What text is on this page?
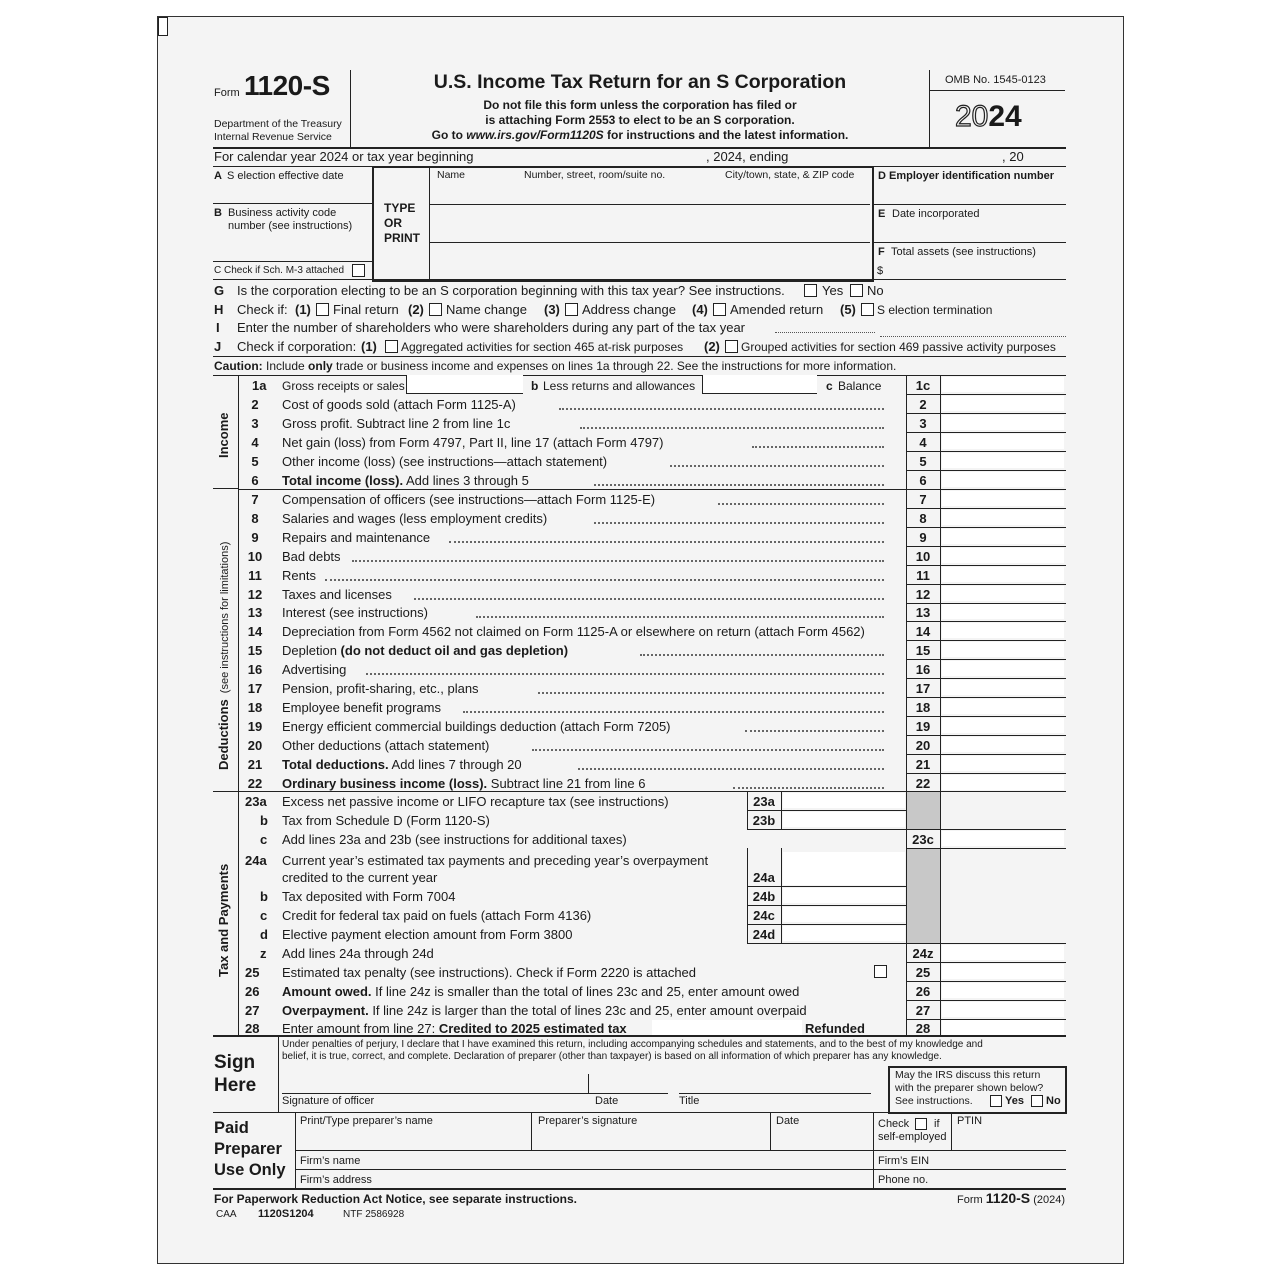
Form 1120-S
Department of the Treasury
Internal Revenue Service
U.S. Income Tax Return for an S Corporation
Do not file this form unless the corporation has filed or
is attaching Form 2553 to elect to be an S corporation.
Go to www.irs.gov/Form1120S for instructions and the latest information.
OMB No. 1545-0123
2024
For calendar year 2024 or tax year beginning	, 2024, ending	, 20
A S election effective date
B Business activity code
number (see instructions)
C Check if Sch. M-3 attached
TYPE
OR
PRINT
Name	Number, street, room/suite no.	City/town, state, & ZIP code D Employer identification number
E Date incorporated
F Total assets (see instructions)
$
G Is the corporation electing to be an S corporation beginning with this tax year? See instructions.	Yes No
H Check if: (1) Final return (2) Name change (3) Address change (4) Amended return (5) S election termination
I Enter the number of shareholders who were shareholders during any part of the tax year
J Check if corporation: (1) Aggregated activities for section 465 at-risk purposes (2) Grouped activities for section 469 passive activity purposes
Caution: Include only trade or business income and expenses on lines 1a through 22. See the instructions for more information.
Income
Deductions(see instructions for limitations)
Tax and Payments
1a Gross receipts or sales	b Less returns and allowances	c Balance	1c
2	Cost of goods sold (attach Form 1125-A)	2
3	Gross profit. Subtract line 2 from line 1c	3
4	Net gain (loss) from Form 4797, Part II, line 17 (attach Form 4797)	4
5	Other income (loss) (see instructions—attach statement)	5
6	Total income (loss). Add lines 3 through 5	6
7	Compensation of officers (see instructions—attach Form 1125-E)	7
8	Salaries and wages (less employment credits)	8
9	Repairs and maintenance	9
10	Bad debts	10
11	Rents	11
12	Taxes and licenses	12
13	Interest (see instructions)	13
14	Depreciation from Form 4562 not claimed on Form 1125-A or elsewhere on return (attach Form 4562)	14
15	Depletion (do not deduct oil and gas depletion)	15
16	Advertising	16
17	Pension, profit-sharing, etc., plans	17
18	Employee benefit programs	18
19	Energy efficient commercial buildings deduction (attach Form 7205)	19
20	Other deductions (attach statement)	20
21	Total deductions. Add lines 7 through 20	21
22	Ordinary business income (loss). Subtract line 21 from line 6	22
23a Excess net passive income or LIFO recapture tax (see instructions)	23a
b Tax from Schedule D (Form 1120-S)	23b
c Add lines 23a and 23b (see instructions for additional taxes)	23c
24a Current year’s estimated tax payments and preceding year’s overpayment
credited to the current year	24a
b Tax deposited with Form 7004	24b
c Credit for federal tax paid on fuels (attach Form 4136)	24c
d Elective payment election amount from Form 3800	24d
z Add lines 24a through 24d	24z
25 Estimated tax penalty (see instructions). Check if Form 2220 is attached	25
26 Amount owed. If line 24z is smaller than the total of lines 23c and 25, enter amount owed	26
27 Overpayment. If line 24z is larger than the total of lines 23c and 25, enter amount overpaid	27
28 Enter amount from line 27: Credited to 2025 estimated tax	Refunded	28
Sign
Here
Under penalties of perjury, I declare that I have examined this return, including accompanying schedules and statements, and to the best of my knowledge and
belief, it is true, correct, and complete. Declaration of preparer (other than taxpayer) is based on all information of which preparer has any knowledge.
Signature of officer	Date	Title
May the IRS discuss this return
with the preparer shown below?
See instructions.	Yes No
Paid
Preparer
Use Only
Print/Type preparer’s name	Preparer’s signature	Date	Check if
self-employed
PTIN
Firm’s name	Firm’s EIN
Firm’s address	Phone no.
For Paperwork Reduction Act Notice, see separate instructions.
CAA 1120S1204	NTF 2586928
Form 1120-S (2024)
